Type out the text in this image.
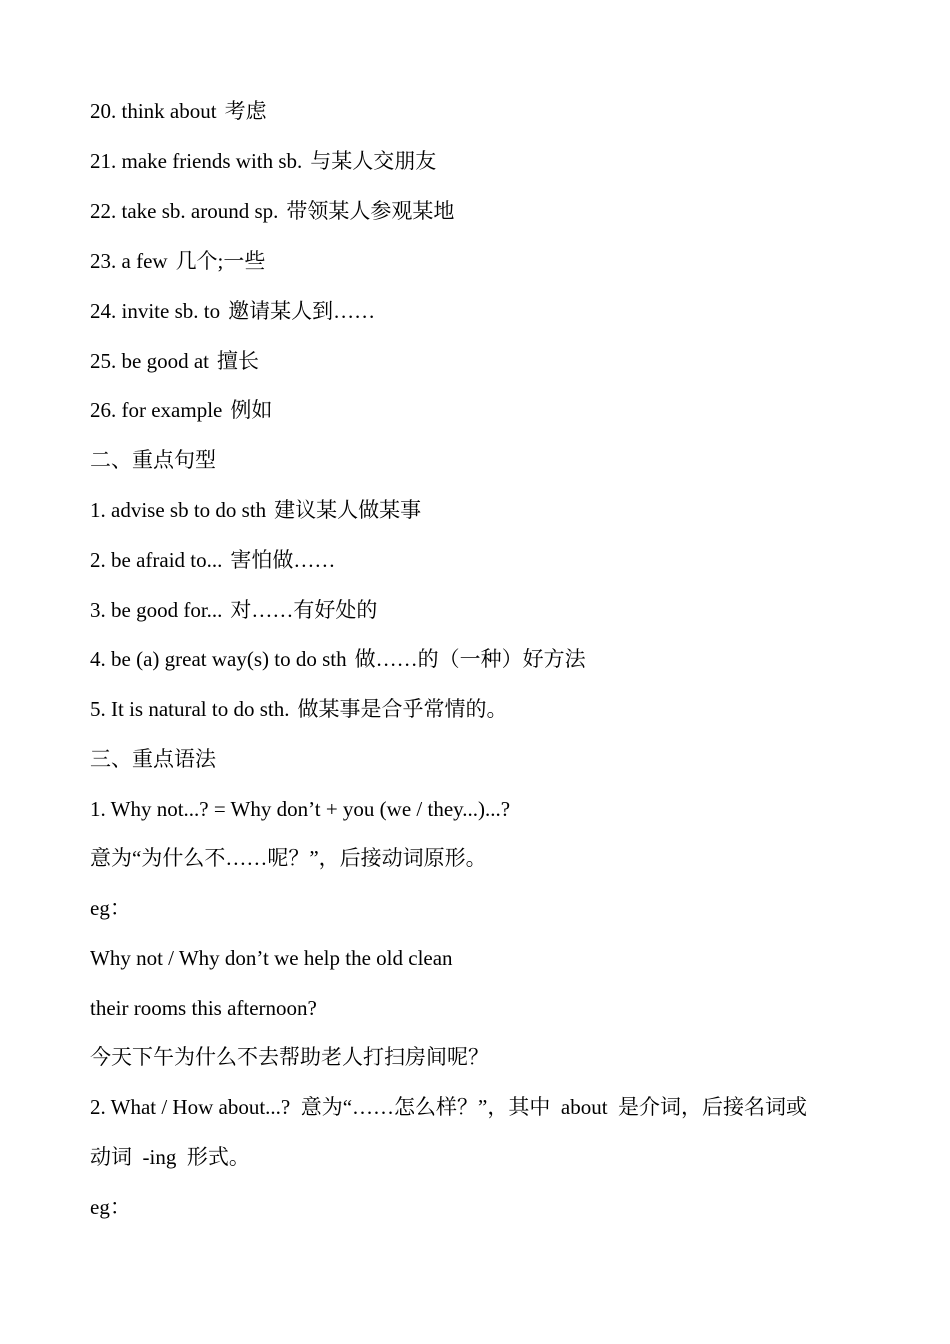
20. think about 考虑
21. make friends with sb. 与某人交朋友
22. take sb. around sp. 带领某人参观某地
23. a few 几个;一些
24. invite sb. to 邀请某人到……
25. be good at 擅长
26. for example 例如
二、重点句型
1. advise sb to do sth 建议某人做某事
2. be afraid to... 害怕做……
3. be good for... 对……有好处的
4. be (a) great way(s) to do sth 做……的（一种）好方法
5. It is natural to do sth. 做某事是合乎常情的。
三、重点语法
1. Why not...? = Why don’t + you (we / they...)...?
意为“为什么不……呢？”，后接动词原形。
eg：
Why not / Why don’t we help the old clean
their rooms this afternoon?
今天下午为什么不去帮助老人打扫房间呢？
2. What / How about...?  意为“……怎么样？”，其中  about  是介词，后接名词或
动词  -ing  形式。
eg：
